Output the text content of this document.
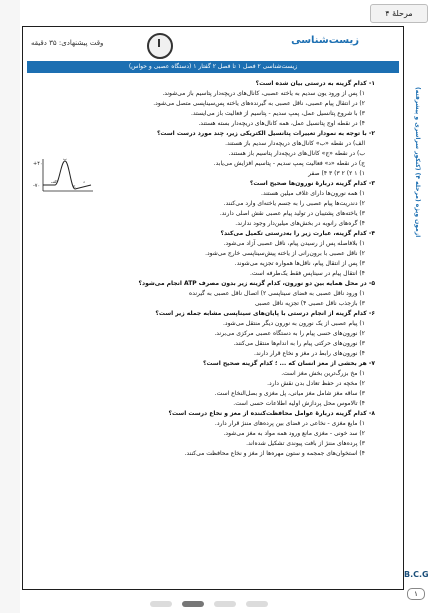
مرحلهٔ ۴
وقت پیشنهادی: ۳۵ دقیقه	زیست‌شناسی
زیست‌شناسی ۲ فصل ۱ تا فصل ۲ گفتار ۱ (دستگاه عصبی و حواس)
آزمون ویژه (مرحله ۴) (کنکور سراسری و پیشرفته)
۱- کدام گزینه به درستی بیان شده است؟
۱) پس از ورود یون سدیم به یاخته عصبی، کانال‌های دریچه‌دار پتاسیم باز می‌شوند.
۲) در انتقال پیام عصبی، ناقل عصبی به گیرنده‌های یاخته پس‌سیناپسی متصل می‌شود.
۳) با شروع پتانسیل عمل، پمپ سدیم - پتاسیم از فعالیت باز می‌ایستد.
۴) در نقطه اوج پتانسیل عمل، همه کانال‌های دریچه‌دار بسته هستند.
۲- با توجه به نمودار تغییرات پتانسیل الکتریکی زیر، چند مورد درست است؟
الف) در نقطه «ب» کانال‌های دریچه‌دار سدیم باز هستند.
ب) در نقطه «ج» کانال‌های دریچه‌دار پتاسیم باز هستند.
ج) در نقطه «د» فعالیت پمپ سدیم - پتاسیم افزایش می‌یابد.
۱) ۱ ۲) ۲ ۳) ۳ ۴) صفر
۳- کدام گزینه دربارهٔ نورون‌ها صحیح است؟
۱) همه نورون‌ها دارای غلاف میلین هستند.
۲) دندریت‌ها پیام عصبی را به جسم یاخته‌ای وارد می‌کنند.
۳) یاخته‌های پشتیبان در تولید پیام عصبی نقش اصلی دارند.
۴) گره‌های رانویه در بخش‌های میلین‌دار وجود ندارند.
۴- کدام گزینه، عبارت زیر را به‌درستی تکمیل می‌کند؟
۱) بلافاصله پس از رسیدن پیام، ناقل عصبی آزاد می‌شود.
۲) ناقل عصبی با برون‌رانی از یاخته پیش‌سیناپسی خارج می‌شود.
۳) پس از انتقال پیام، ناقل‌ها همواره تجزیه می‌شوند.
۴) انتقال پیام در سیناپس فقط یک‌طرفه است.
۵- در محل همایه بین دو نورون، کدام گزینه زیر بدون مصرف ATP انجام می‌شود؟
۱) ورود ناقل عصبی به فضای سیناپسی ۲) اتصال ناقل عصبی به گیرنده
۳) بازجذب ناقل عصبی ۴) تجزیه ناقل عصبی
۶- کدام گزینه از انجام درستی با پایان‌های سیناپسی مشابه جمله زیر است؟
۱) پیام عصبی از یک نورون به نورون دیگر منتقل می‌شود.
۲) نورون‌های حسی پیام را به دستگاه عصبی مرکزی می‌برند.
۳) نورون‌های حرکتی پیام را به اندام‌ها منتقل می‌کنند.
۴) نورون‌های رابط در مغز و نخاع قرار دارند.
۷- هر بخشی از مغز انسان که ... ؛ کدام گزینه صحیح است؟
۱) مخ بزرگ‌ترین بخش مغز است.
۲) مخچه در حفظ تعادل بدن نقش دارد.
۳) ساقه مغز شامل مغز میانی، پل مغزی و بصل‌النخاع است.
۴) تالاموس محل پردازش اولیه اطلاعات حسی است.
۸- کدام گزینه دربارهٔ عوامل محافظت‌کننده از مغز و نخاع درست است؟
۱) مایع مغزی - نخاعی در فضای بین پرده‌های مننژ قرار دارد.
۲) سد خونی - مغزی مانع ورود همه مواد به مغز می‌شود.
۳) پرده‌های مننژ از بافت پیوندی تشکیل شده‌اند.
۴) استخوان‌های جمجمه و ستون مهره‌ها از مغز و نخاع محافظت می‌کنند.
+۴۰
-۷۰
الف
ب
ج
د
B.C.G
۱
